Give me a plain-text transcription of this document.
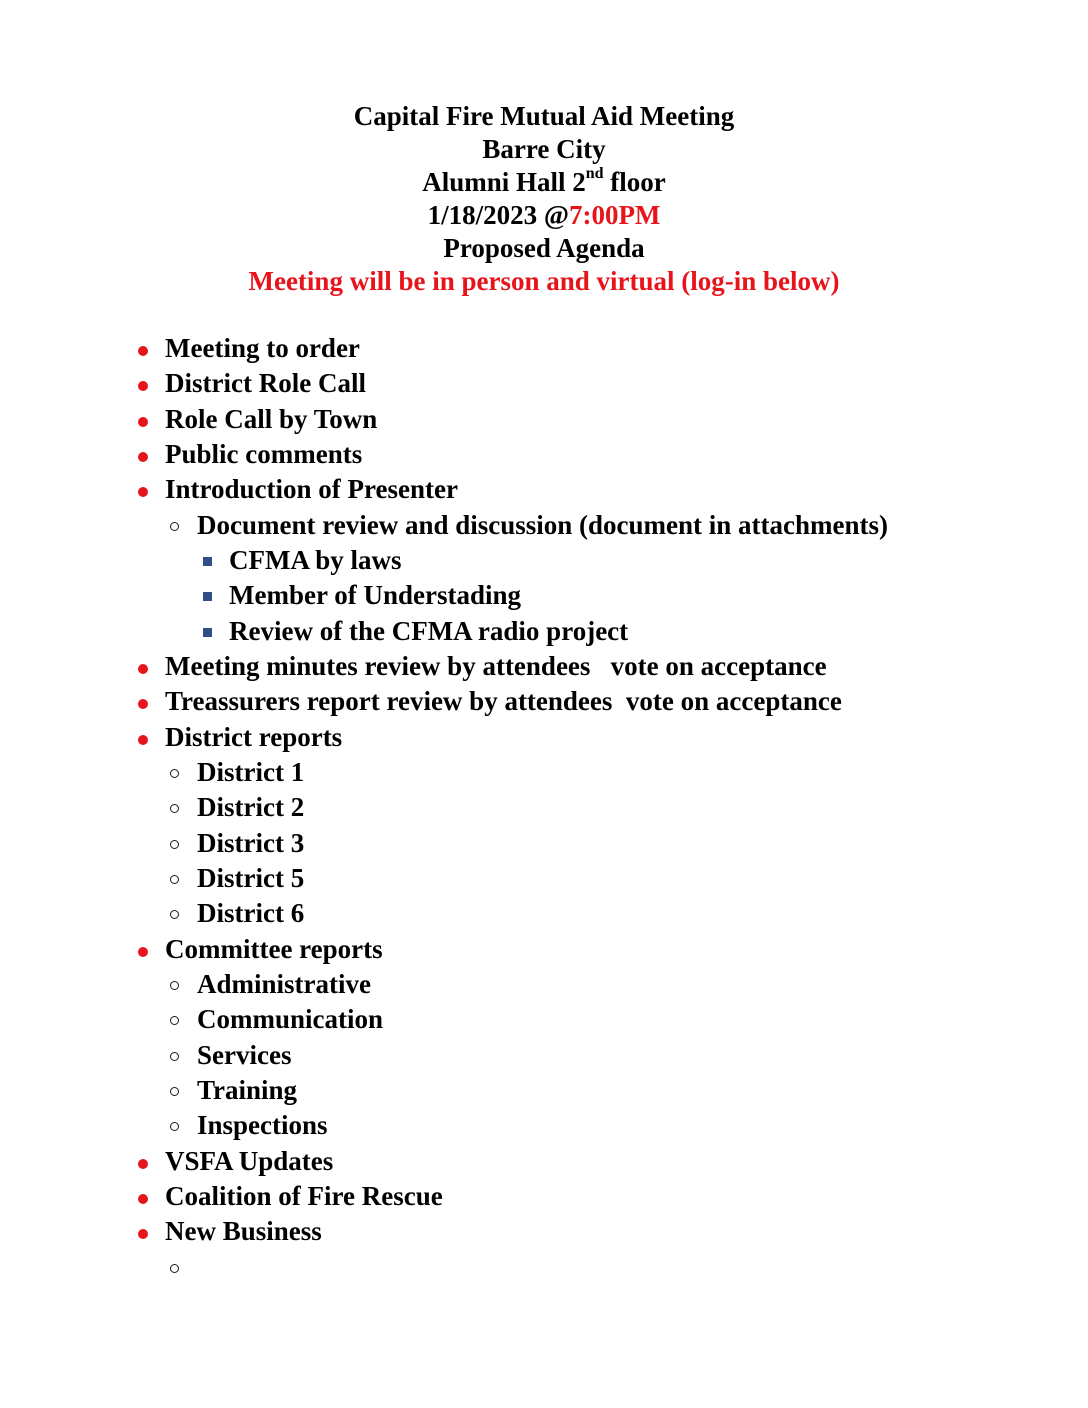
Capital Fire Mutual Aid Meeting
Barre City
Alumni Hall 2nd floor
1/18/2023 @7:00PM
Proposed Agenda
Meeting will be in person and virtual (log-in below)
Meeting to order
District Role Call
Role Call by Town
Public comments
Introduction of Presenter
Document review and discussion (document in attachments)
CFMA by laws
Member of Understading
Review of the CFMA radio project
Meeting minutes review by attendees   vote on acceptance
Treassurers report review by attendees  vote on acceptance
District reports
District 1
District 2
District 3
District 5
District 6
Committee reports
Administrative
Communication
Services
Training
Inspections
VSFA Updates
Coalition of Fire Rescue
New Business
